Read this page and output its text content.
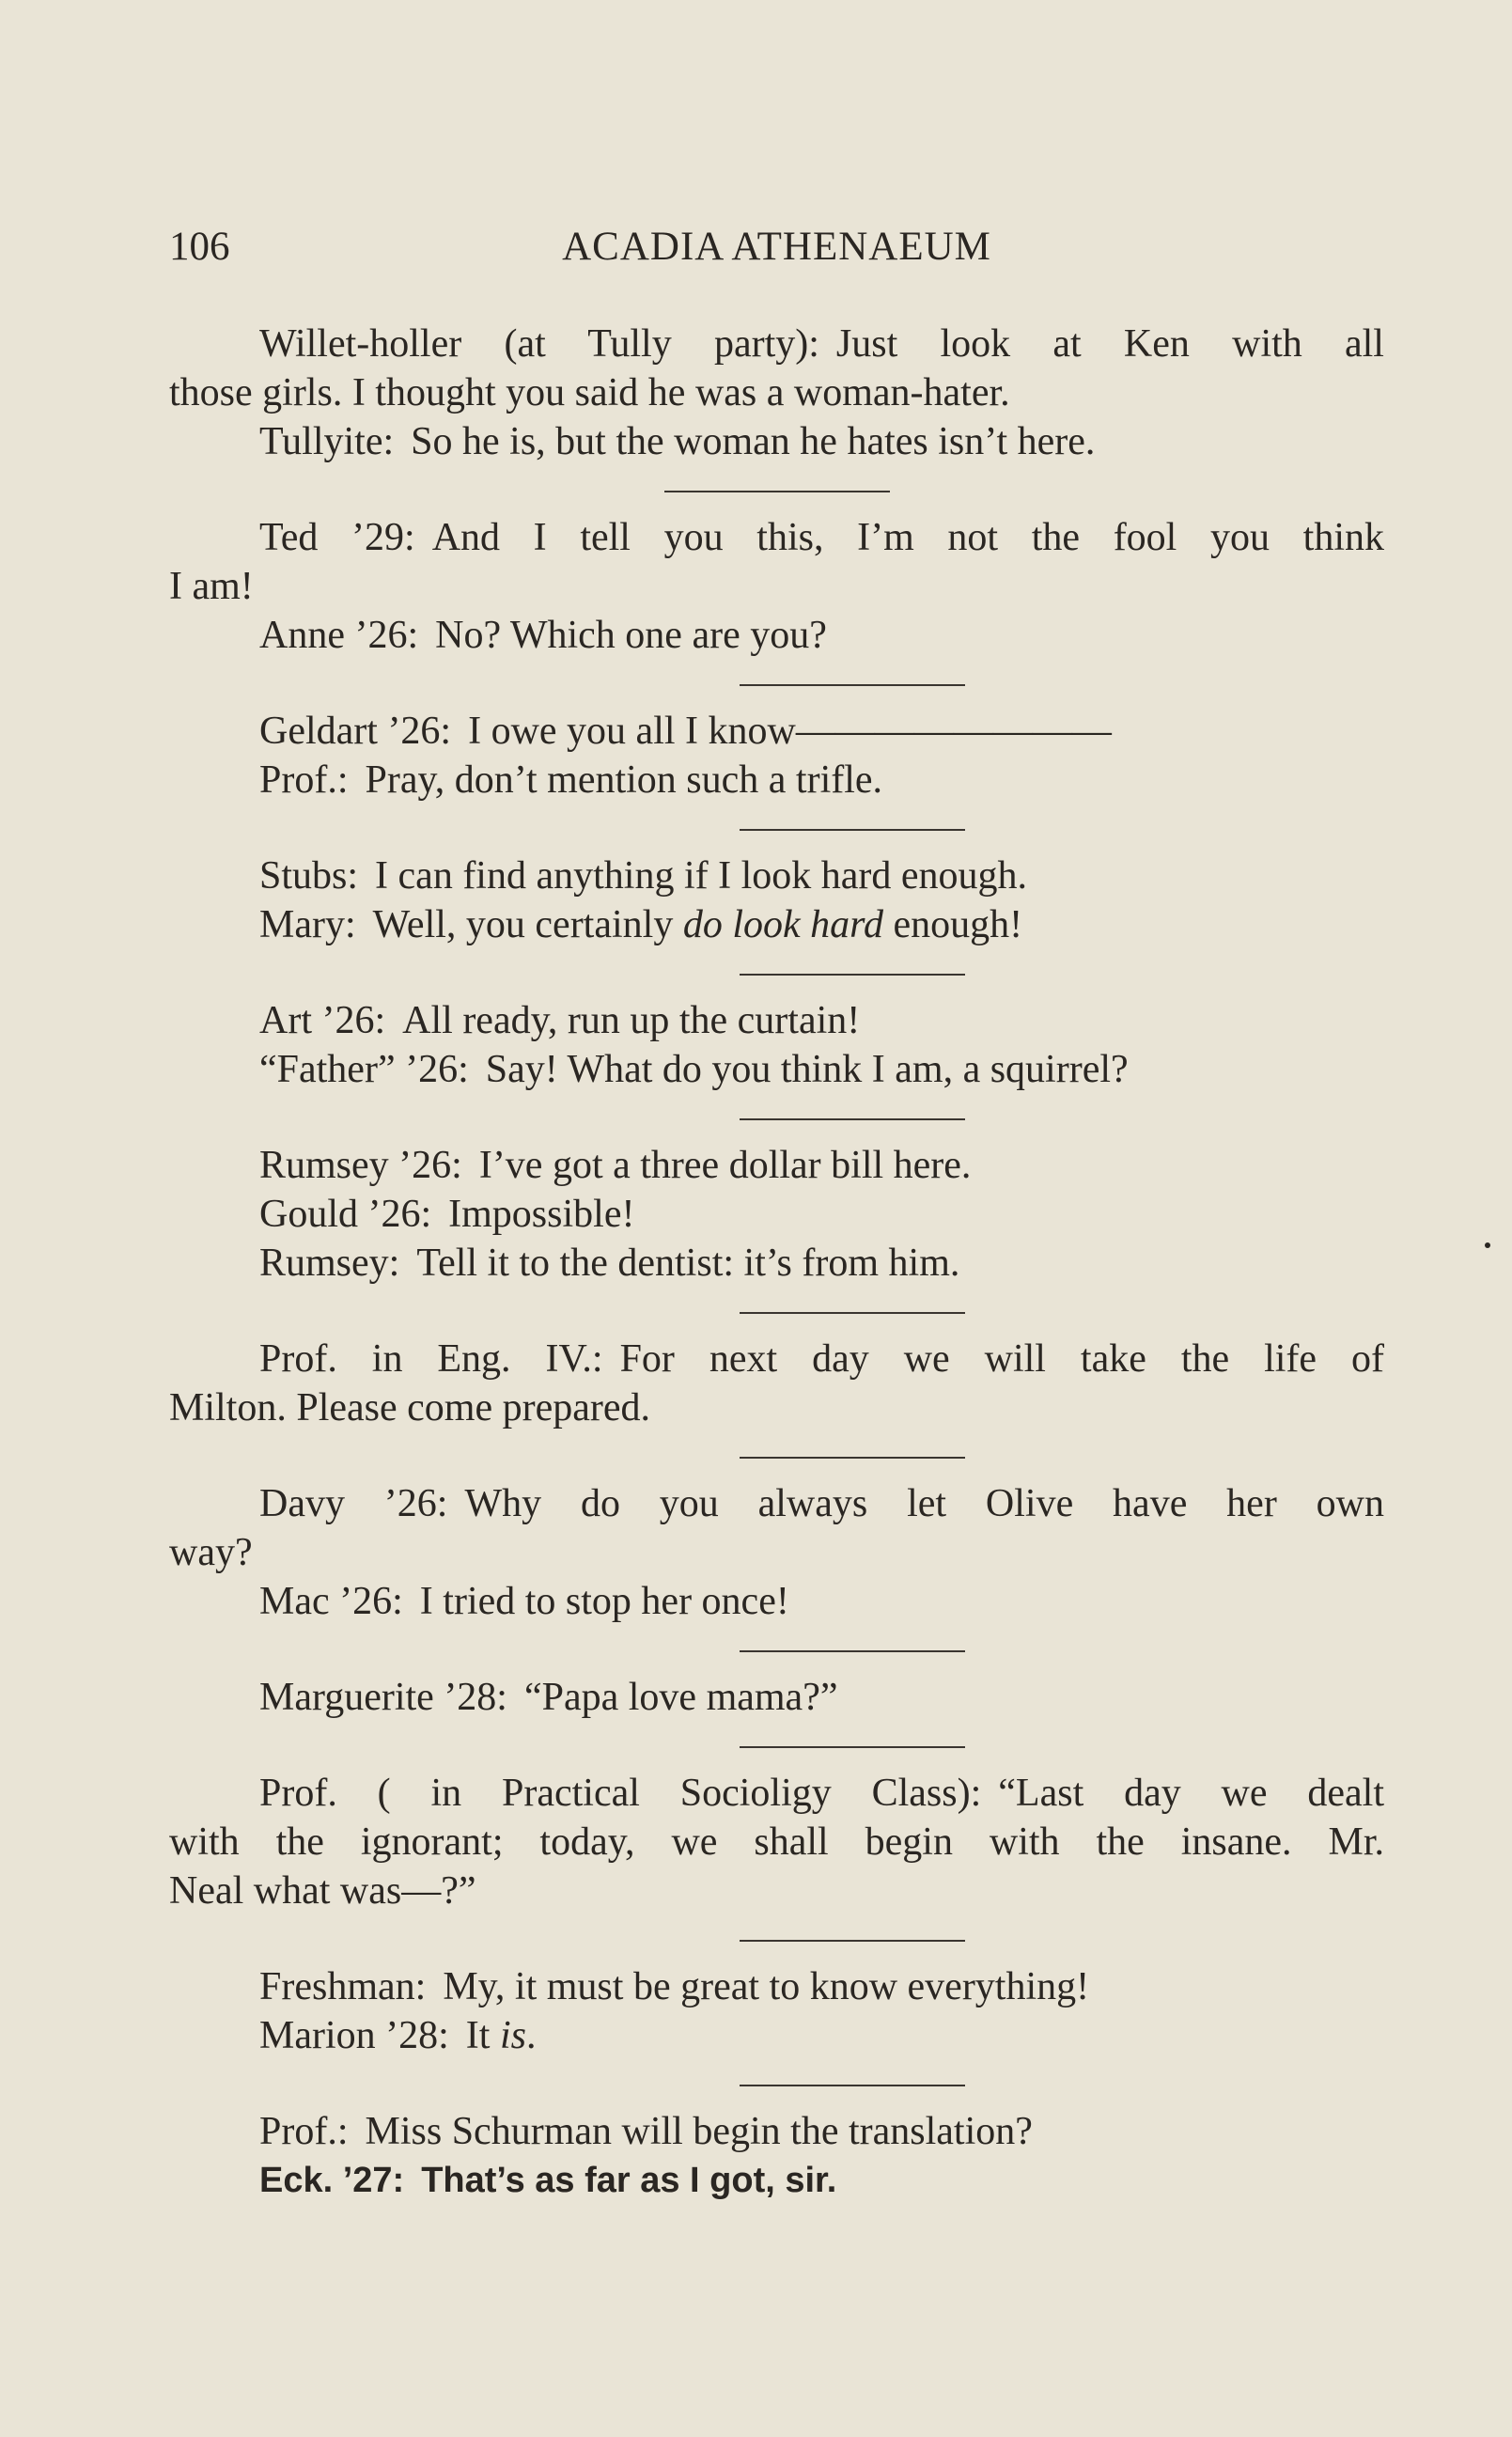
106	ACADIA ATHENAEUM
Willet-holler (at Tully party): Just look at Ken with all
those girls. I thought you said he was a woman-hater.
Tullyite: So he is, but the woman he hates isn’t here.
Ted ’29: And I tell you this, I’m not the fool you think
I am!
Anne ’26: No? Which one are you?
Geldart ’26: I owe you all I know————————
Prof.: Pray, don’t mention such a trifle.
Stubs: I can find anything if I look hard enough.
Mary: Well, you certainly do look hard enough!
Art ’26: All ready, run up the curtain!
“Father” ’26: Say! What do you think I am, a squirrel?
Rumsey ’26: I’ve got a three dollar bill here.
Gould ’26: Impossible!
Rumsey: Tell it to the dentist: it’s from him.
Prof. in Eng. IV.: For next day we will take the life of
Milton. Please come prepared.
Davy ’26: Why do you always let Olive have her own
way?
Mac ’26: I tried to stop her once!
Marguerite ’28: “Papa love mama?”
Prof. ( in Practical Socioligy Class): “Last day we dealt
with the ignorant; today, we shall begin with the insane. Mr.
Neal what was—?”
Freshman: My, it must be great to know everything!
Marion ’28: It is.
Prof.: Miss Schurman will begin the translation?
Eck. ’27: That’s as far as I got, sir.
